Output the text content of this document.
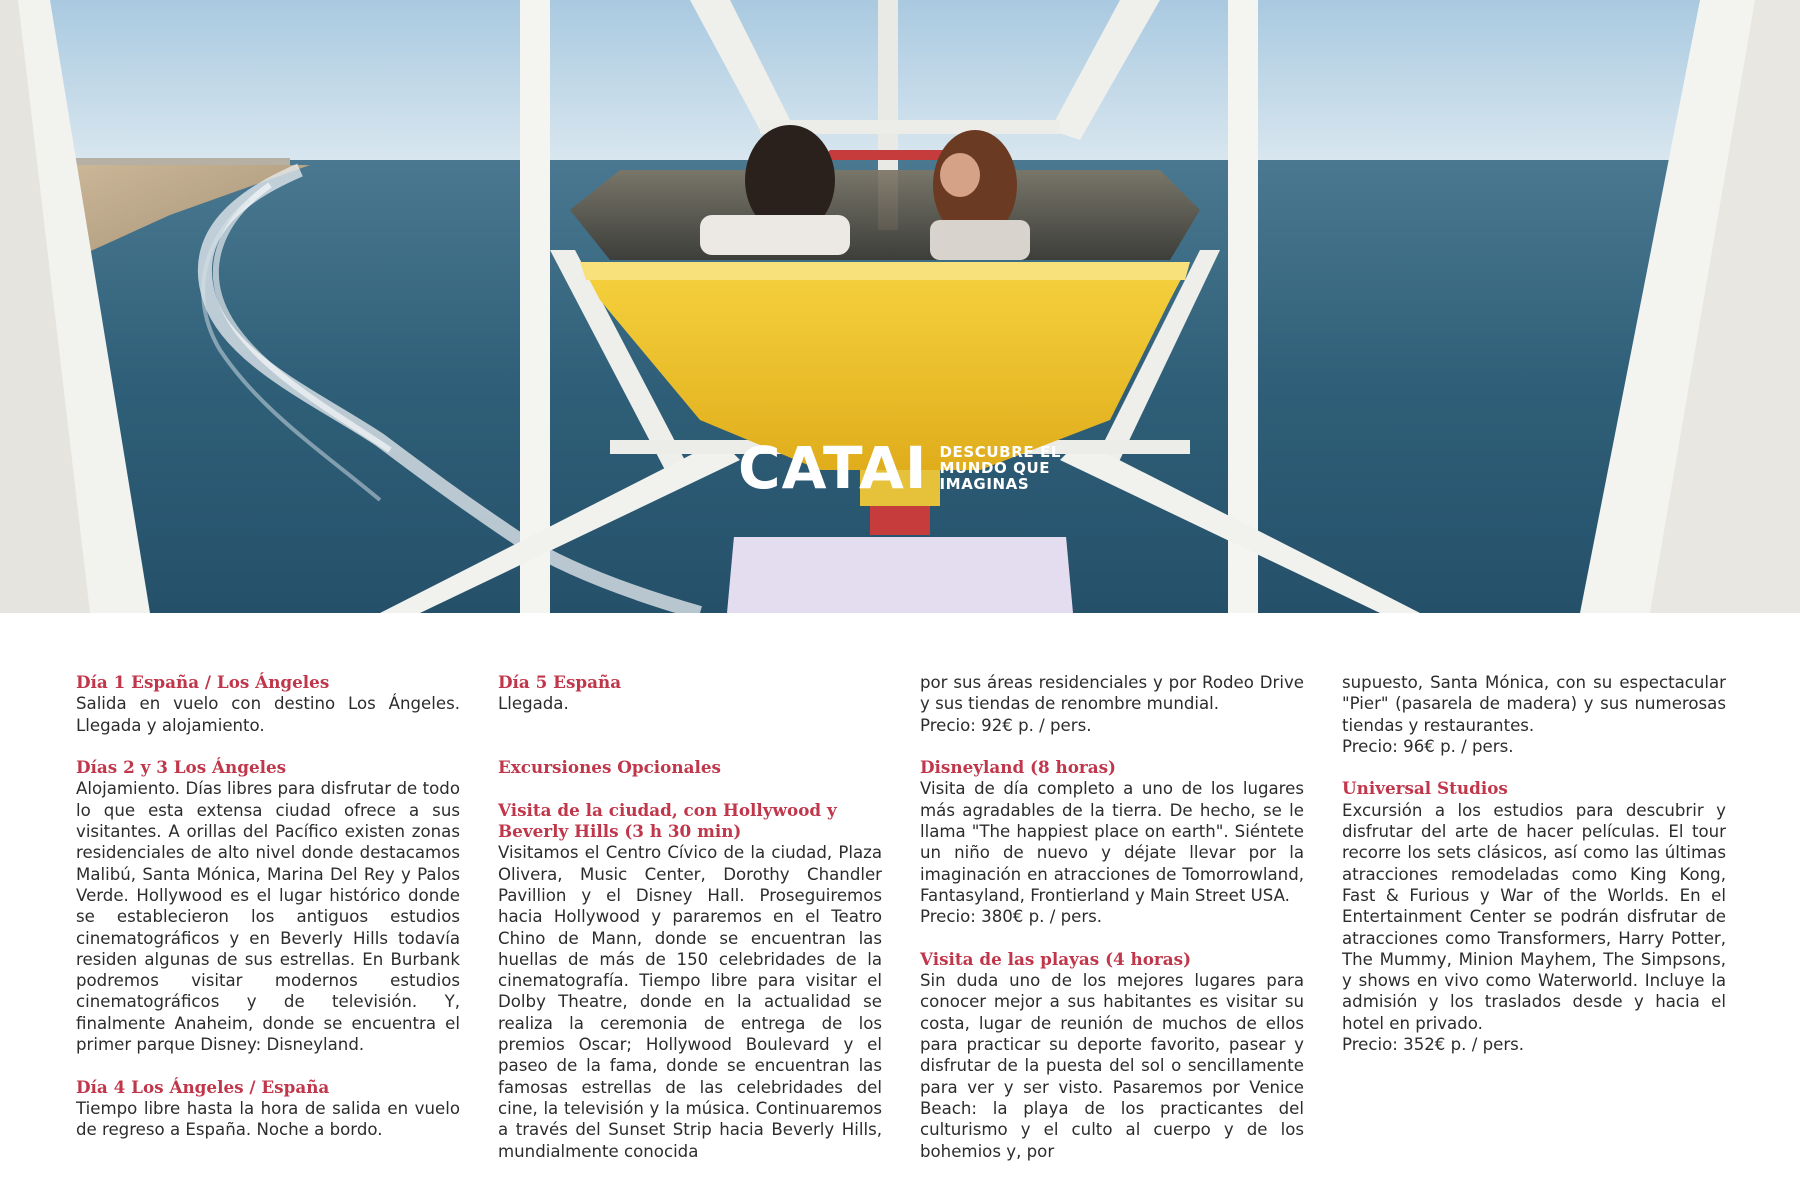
CATAI DESCUBRE EL
MUNDO QUE
IMAGINAS
Día 1 España / Los Ángeles

Salida en vuelo con destino Los Ángeles. Llegada y alojamiento.

Días 2 y 3 Los Ángeles

Alojamiento. Días libres para disfrutar de todo lo que esta extensa ciudad ofrece a sus visitantes. A orillas del Pacífico existen zonas residenciales de alto nivel donde destacamos Malibú, Santa Mónica, Marina Del Rey y Palos Verde. Hollywood es el lugar histórico donde se establecieron los antiguos estudios cinematográficos y en Beverly Hills todavía residen algunas de sus estrellas. En Burbank podremos visitar modernos estudios cinematográficos y de televisión. Y, finalmente Anaheim, donde se encuentra el primer parque Disney: Disneyland.

Día 4 Los Ángeles / España

Tiempo libre hasta la hora de salida en vuelo de regreso a España. Noche a bordo.

Día 5 España

Llegada.

Excursiones Opcionales
Visita de la ciudad, con Hollywood y Beverly Hills (3 h 30 min)

Visitamos el Centro Cívico de la ciudad, Plaza Olivera, Music Center, Dorothy Chandler Pavillion y el Disney Hall. Proseguiremos hacia Hollywood y pararemos en el Teatro Chino de Mann, donde se encuentran las huellas de más de 150 celebridades de la cinematografía. Tiempo libre para visitar el Dolby Theatre, donde en la actualidad se realiza la ceremonia de entrega de los premios Oscar; Hollywood Boulevard y el paseo de la fama, donde se encuentran las famosas estrellas de las celebridades del cine, la televisión y la música. Continuaremos a través del Sunset Strip hacia Beverly Hills, mundialmente conocida

por sus áreas residenciales y por Rodeo Drive y sus tiendas de renombre mundial.

Precio: 92€ p. / pers.

Disneyland (8 horas)

Visita de día completo a uno de los lugares más agradables de la tierra. De hecho, se le llama "The happiest place on earth". Siéntete un niño de nuevo y déjate llevar por la imaginación en atracciones de Tomorrowland, Fantasyland, Frontierland y Main Street USA.

Precio: 380€ p. / pers.

Visita de las playas (4 horas)

Sin duda uno de los mejores lugares para conocer mejor a sus habitantes es visitar su costa, lugar de reunión de muchos de ellos para practicar su deporte favorito, pasear y disfrutar de la puesta del sol o sencillamente para ver y ser visto. Pasaremos por Venice Beach: la playa de los practicantes del culturismo y el culto al cuerpo y de los bohemios y, por

supuesto, Santa Mónica, con su espectacular "Pier" (pasarela de madera) y sus numerosas tiendas y restaurantes.

Precio: 96€ p. / pers.

Universal Studios

Excursión a los estudios para descubrir y disfrutar del arte de hacer películas. El tour recorre los sets clásicos, así como las últimas atracciones remodeladas como King Kong, Fast & Furious y War of the Worlds. En el Entertainment Center se podrán disfrutar de atracciones como Transformers, Harry Potter, The Mummy, Minion Mayhem, The Simpsons, y shows en vivo como Waterworld. Incluye la admisión y los traslados desde y hacia el hotel en privado.

Precio: 352€ p. / pers.
